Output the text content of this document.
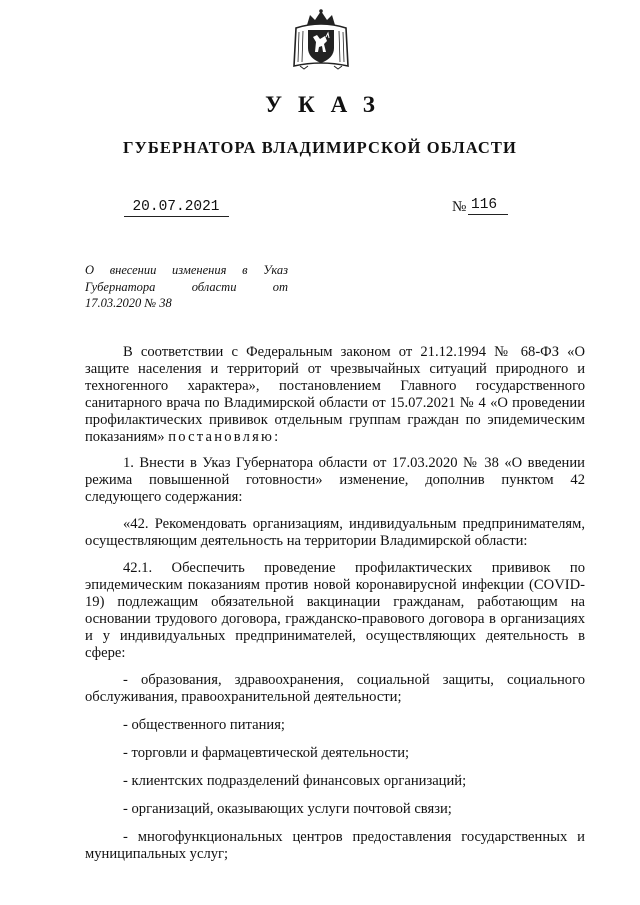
УКАЗ
ГУБЕРНАТОРА ВЛАДИМИРСКОЙ ОБЛАСТИ
20.07.2021	№ 116
О внесении изменения в Указ Губернатора области от
17.03.2020 № 38

В соответствии с Федеральным законом от 21.12.1994 № 68-ФЗ «О защите населения и территорий от чрезвычайных ситуаций природного и техногенного характера», постановлением Главного государственного санитарного врача по Владимирской области от 15.07.2021 № 4 «О проведении профилактических прививок отдельным группам граждан по эпидемическим показаниям» постановляю:

1. Внести в Указ Губернатора области от 17.03.2020 № 38 «О введении режима повышенной готовности» изменение, дополнив пунктом 42 следующего содержания:

«42. Рекомендовать организациям, индивидуальным предпринимателям, осуществляющим деятельность на территории Владимирской области:

42.1. Обеспечить проведение профилактических прививок по эпидемическим показаниям против новой коронавирусной инфекции (COVID-19) подлежащим обязательной вакцинации гражданам, работающим на основании трудового договора, гражданско-правового договора в организациях и у индивидуальных предпринимателей, осуществляющих деятельность в сфере:

- образования, здравоохранения, социальной защиты, социального обслуживания, правоохранительной деятельности;

- общественного питания;

- торговли и фармацевтической деятельности;

- клиентских подразделений финансовых организаций;

- организаций, оказывающих услуги почтовой связи;

- многофункциональных центров предоставления государственных и муниципальных услуг;
